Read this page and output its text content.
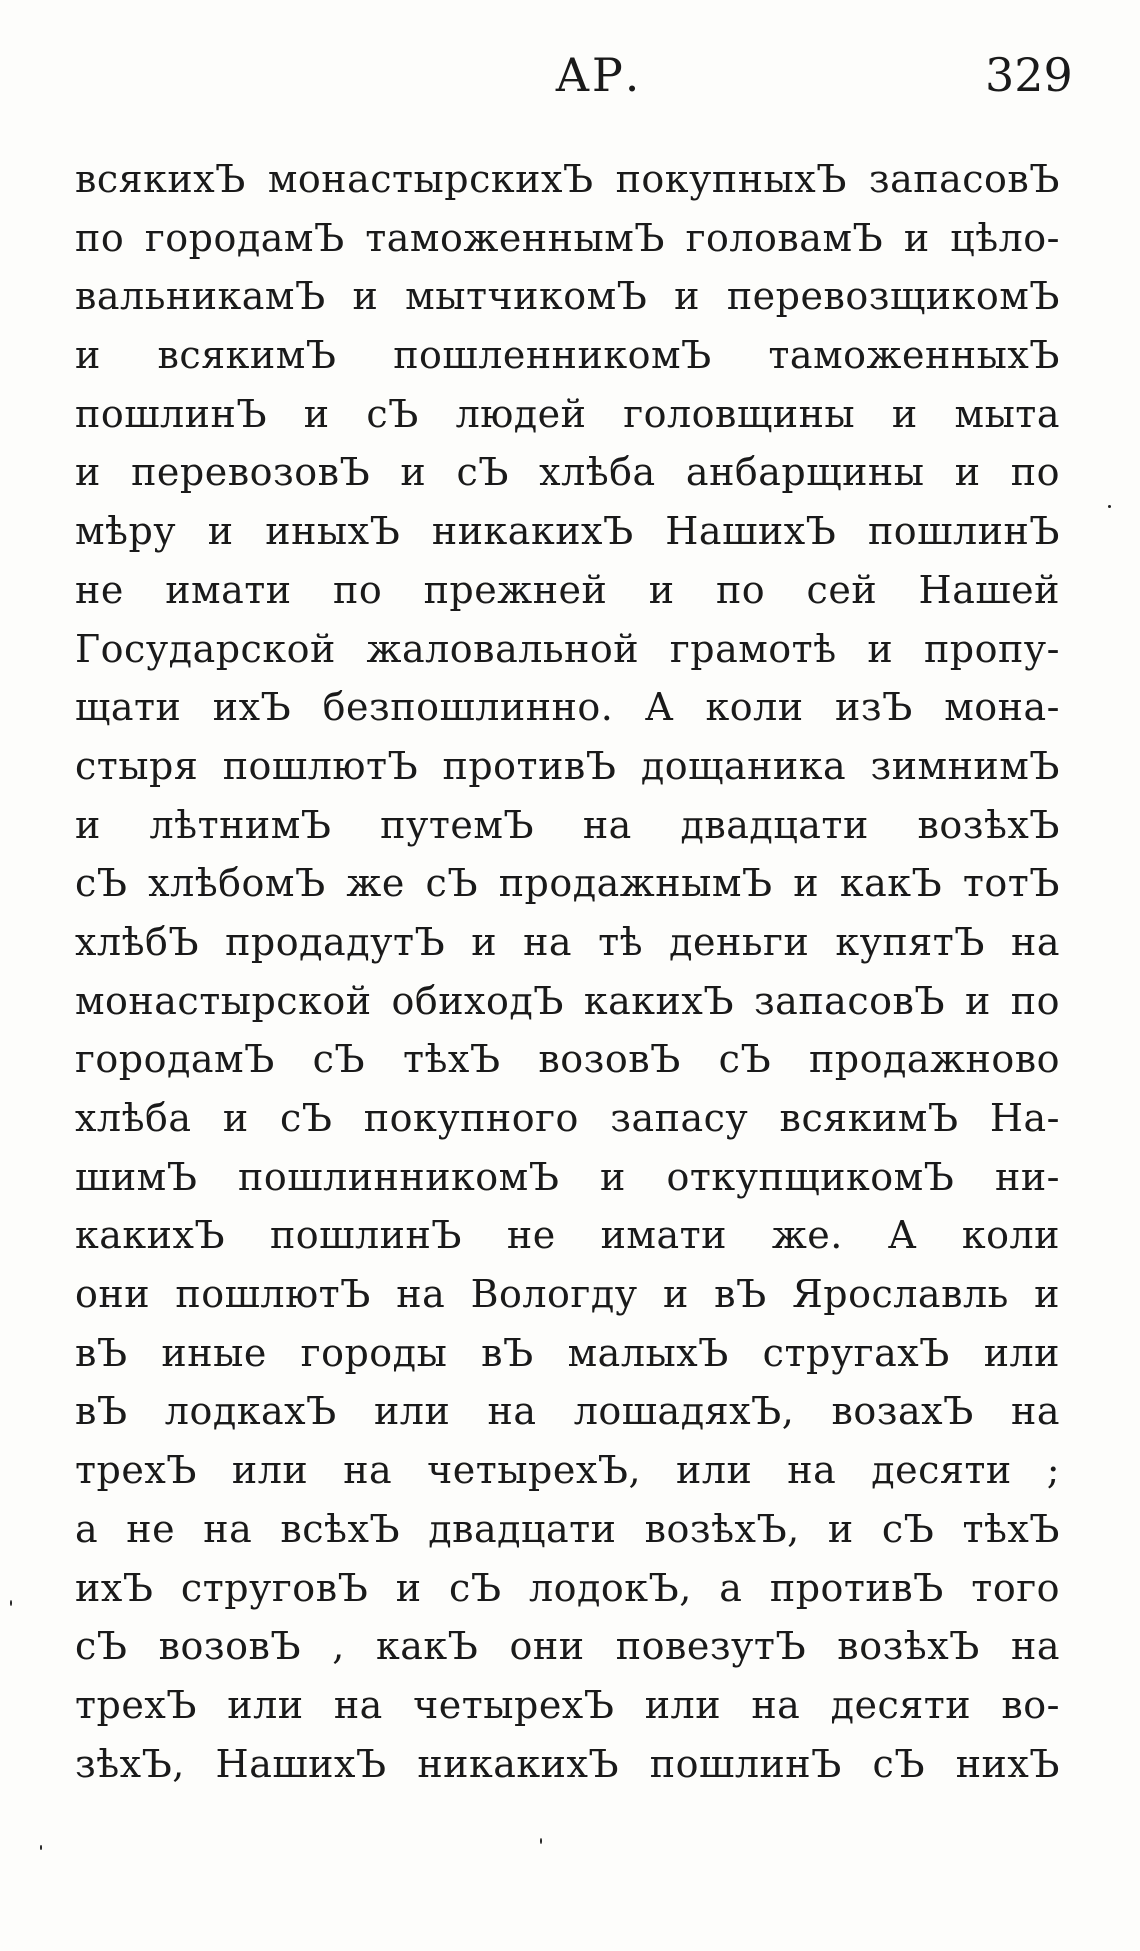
АР.	329
всякихЪ монастырскихЪ покупныхЪ запасовЪ
по городамЪ таможеннымЪ головамЪ и цѣло-
вальникамЪ и мытчикомЪ и перевозщикомЪ
и всякимЪ пошленникомЪ таможенныхЪ
пошлинЪ и сЪ людей головщины и мыта
и перевозовЪ и сЪ хлѣба анбарщины и по
мѣру и иныхЪ никакихЪ НашихЪ пошлинЪ
не имати по прежней и по сей Нашей
Государской жаловальной грамотѣ и пропу-
щати ихЪ безпошлинно. А коли изЪ мона-
стыря пошлютЪ противЪ дощаника зимнимЪ
и лѣтнимЪ путемЪ на двадцати возѣхЪ
сЪ хлѣбомЪ же сЪ продажнымЪ и какЪ тотЪ
хлѣбЪ продадутЪ и на тѣ деньги купятЪ на
монастырской обиходЪ какихЪ запасовЪ и по
городамЪ сЪ тѣхЪ возовЪ сЪ продажново
хлѣба и сЪ покупного запасу всякимЪ На-
шимЪ пошлинникомЪ и откупщикомЪ ни-
какихЪ пошлинЪ не имати же. А коли
они пошлютЪ на Вологду и вЪ Ярославль и
вЪ иные городы вЪ малыхЪ стругахЪ или
вЪ лодкахЪ или на лошадяхЪ, возахЪ на
трехЪ или на четырехЪ, или на десяти ;
а не на всѣхЪ двадцати возѣхЪ, и сЪ тѣхЪ
ихЪ струговЪ и сЪ лодокЪ, а противЪ того
сЪ возовЪ , какЪ они повезутЪ возѣхЪ на
трехЪ или на четырехЪ или на десяти во-
зѣхЪ, НашихЪ никакихЪ пошлинЪ сЪ нихЪ
